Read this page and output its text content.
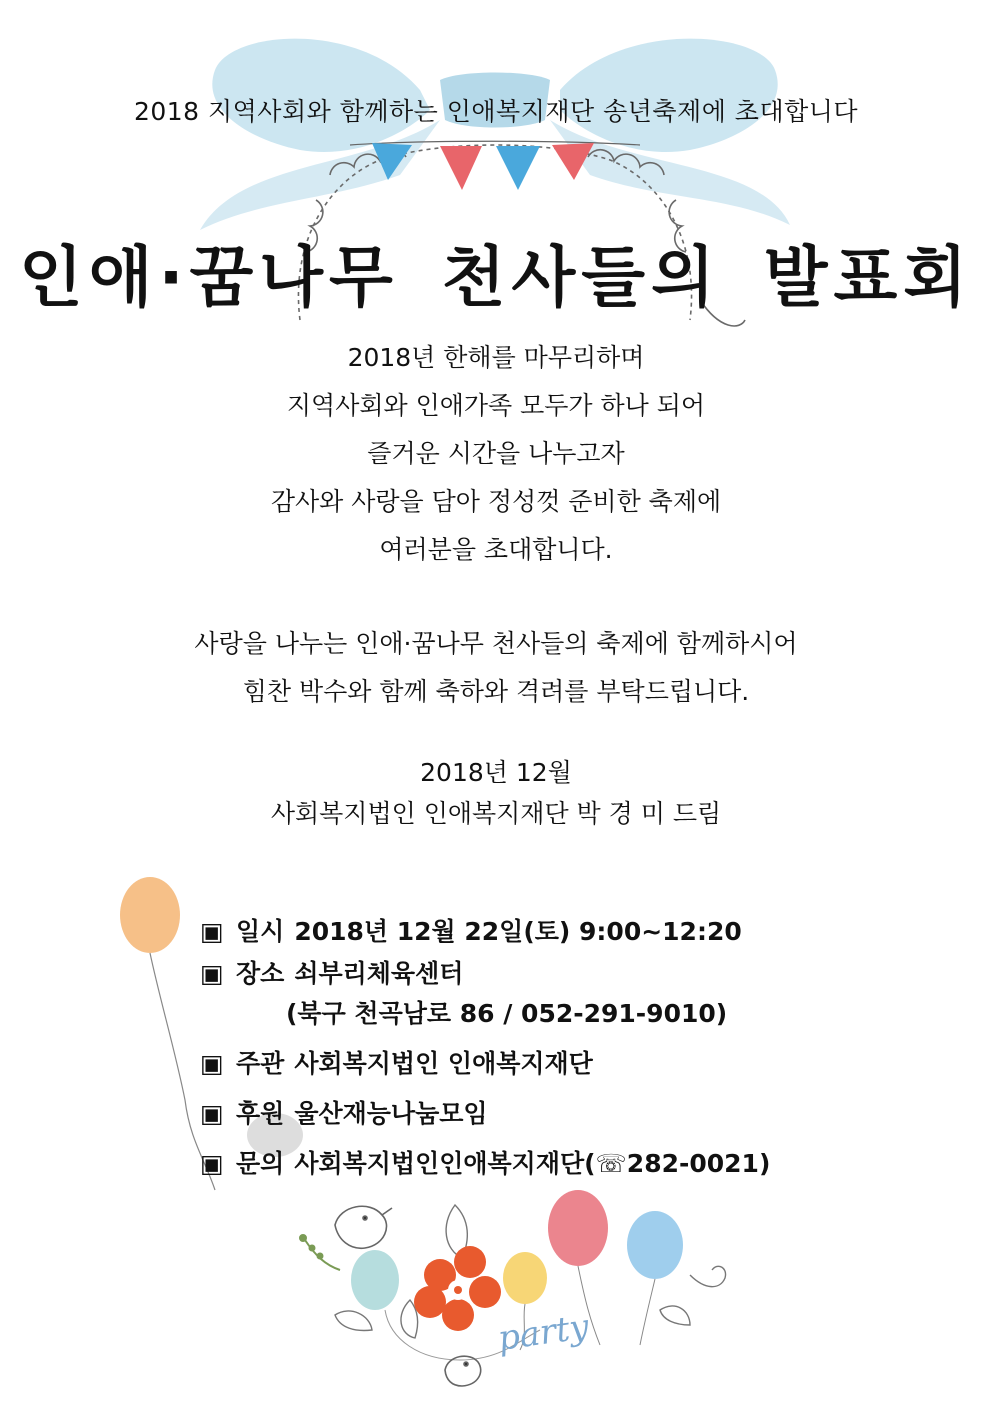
party
2018 지역사회와 함께하는 인애복지재단 송년축제에 초대합니다
인애·꿈나무 천사들의 발표회
2018년 한해를 마무리하며
지역사회와 인애가족 모두가 하나 되어
즐거운 시간을 나누고자
감사와 사랑을 담아 정성껏 준비한 축제에
여러분을 초대합니다.
사랑을 나누는 인애·꿈나무 천사들의 축제에 함께하시어
힘찬 박수와 함께 축하와 격려를 부탁드립니다.
2018년 12월
사회복지법인 인애복지재단 박 경 미 드림
▣ 일시 2018년 12월 22일(토) 9:00~12:20
▣ 장소 쇠부리체육센터
(북구 천곡남로 86 / 052-291-9010)
▣ 주관 사회복지법인 인애복지재단
▣ 후원 울산재능나눔모임
▣ 문의 사회복지법인인애복지재단(☏282-0021)
